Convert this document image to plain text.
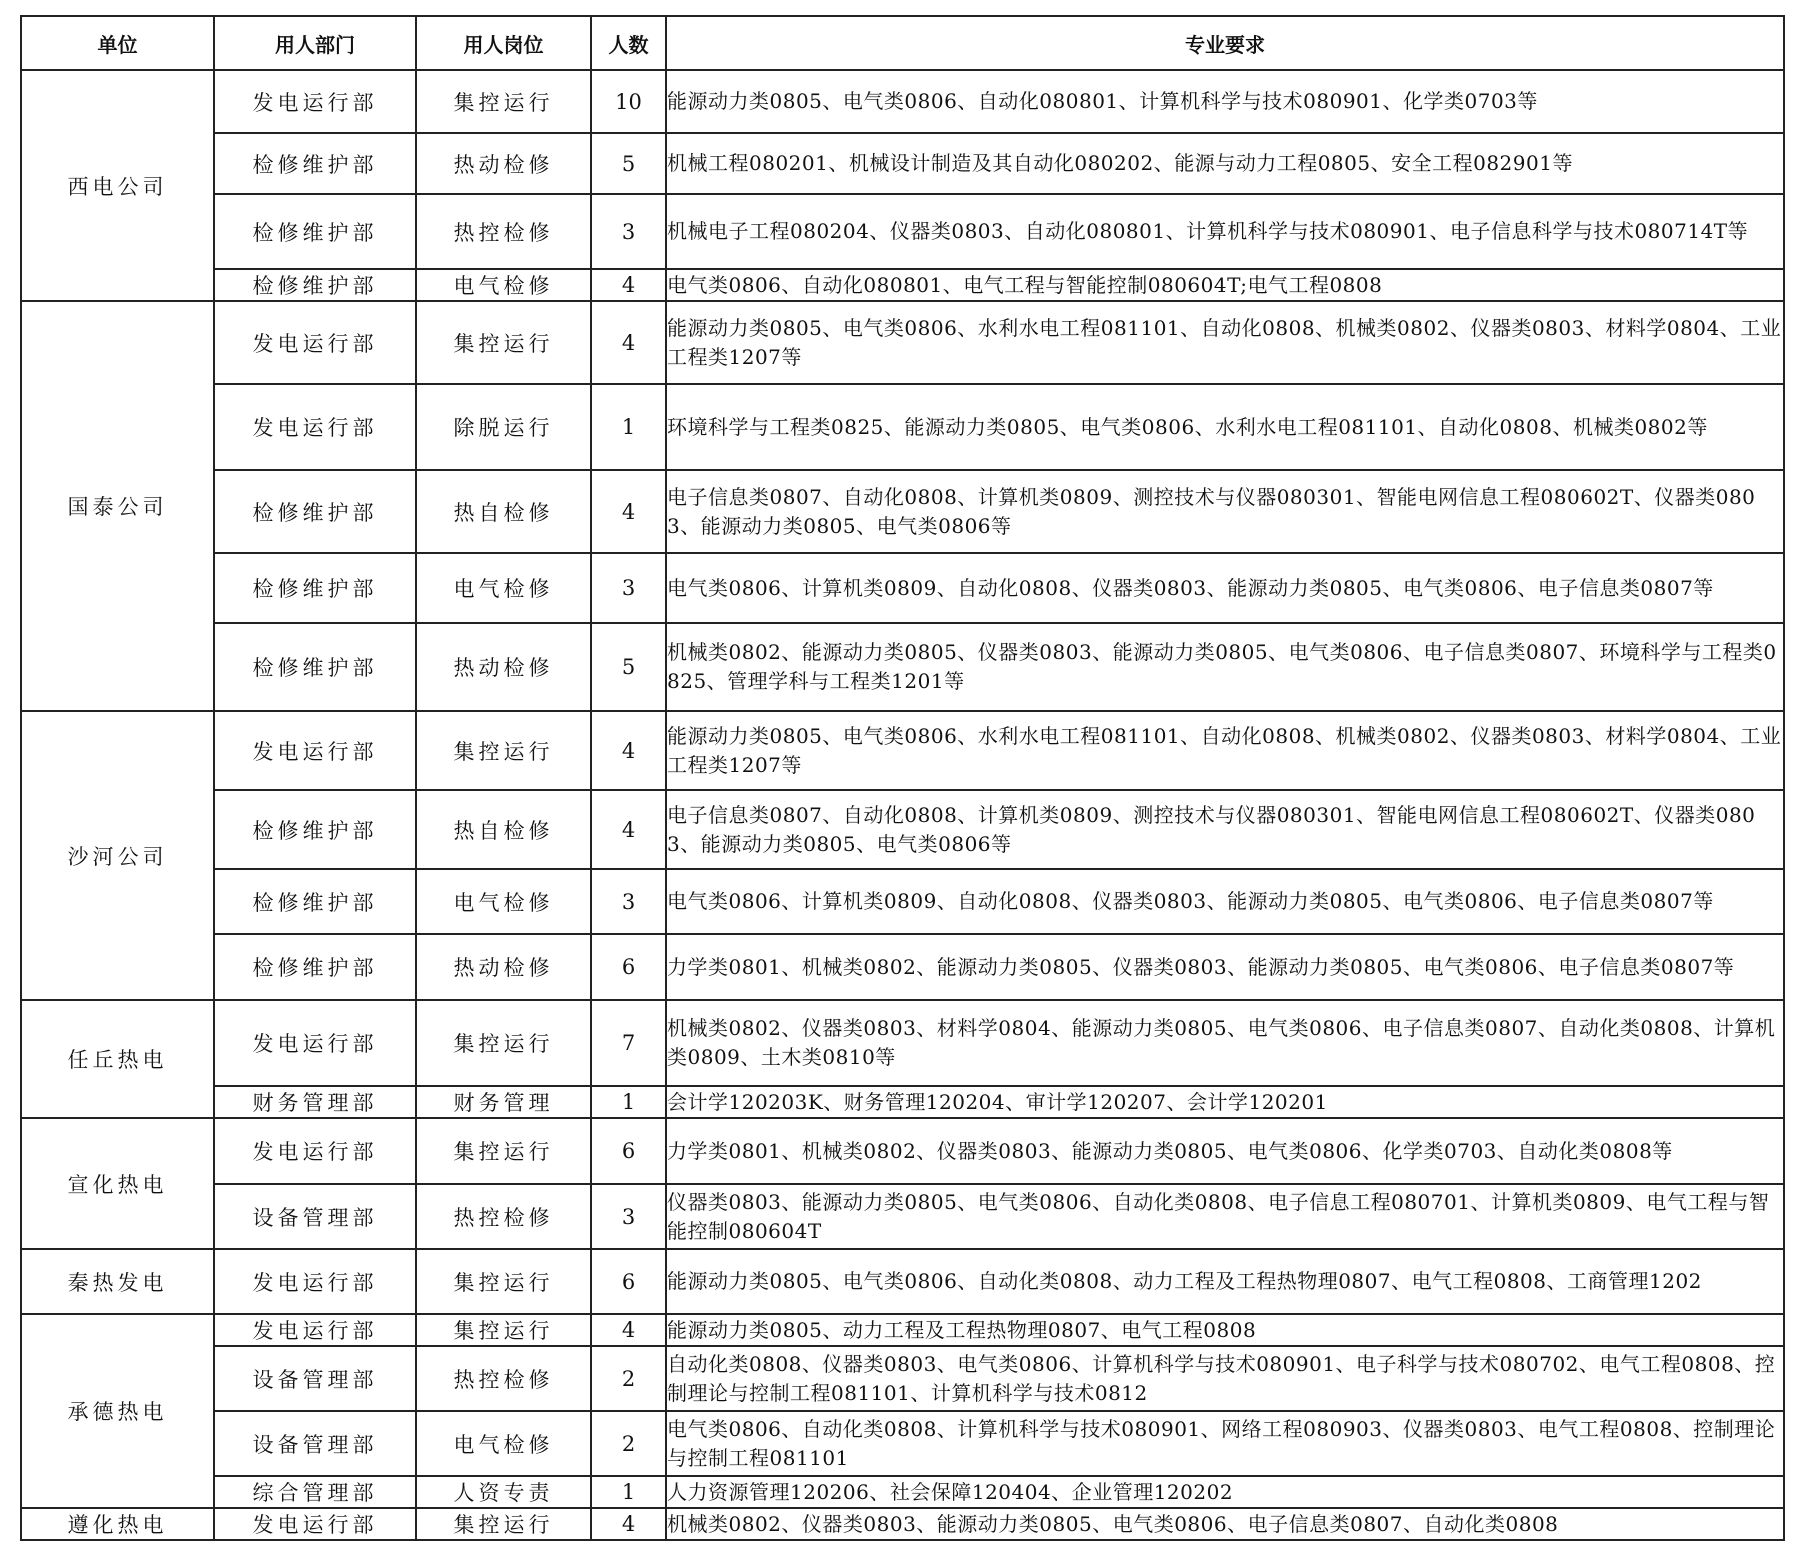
单位	用人部门	用人岗位	人数	专业要求
西电公司	发电运行部	集控运行	10	能源动力类0805、电气类0806、自动化080801、计算机科学与技术080901、化学类0703等
	检修维护部	热动检修	5	机械工程080201、机械设计制造及其自动化080202、能源与动力工程0805、安全工程082901等
	检修维护部	热控检修	3	机械电子工程080204、仪器类0803、自动化080801、计算机科学与技术080901、电子信息科学与技术080714T等
	检修维护部	电气检修	4	电气类0806、自动化080801、电气工程与智能控制080604T;电气工程0808
国泰公司	发电运行部	集控运行	4	能源动力类0805、电气类0806、水利水电工程081101、自动化0808、机械类0802、仪器类0803、材料学0804、工业工程类1207等
	发电运行部	除脱运行	1	环境科学与工程类0825、能源动力类0805、电气类0806、水利水电工程081101、自动化0808、机械类0802等
	检修维护部	热自检修	4	电子信息类0807、自动化0808、计算机类0809、测控技术与仪器080301、智能电网信息工程080602T、仪器类0803、能源动力类0805、电气类0806等
	检修维护部	电气检修	3	电气类0806、计算机类0809、自动化0808、仪器类0803、能源动力类0805、电气类0806、电子信息类0807等
	检修维护部	热动检修	5	机械类0802、能源动力类0805、仪器类0803、能源动力类0805、电气类0806、电子信息类0807、环境科学与工程类0825、管理学科与工程类1201等
沙河公司	发电运行部	集控运行	4	能源动力类0805、电气类0806、水利水电工程081101、自动化0808、机械类0802、仪器类0803、材料学0804、工业工程类1207等
	检修维护部	热自检修	4	电子信息类0807、自动化0808、计算机类0809、测控技术与仪器080301、智能电网信息工程080602T、仪器类0803、能源动力类0805、电气类0806等
	检修维护部	电气检修	3	电气类0806、计算机类0809、自动化0808、仪器类0803、能源动力类0805、电气类0806、电子信息类0807等
	检修维护部	热动检修	6	力学类0801、机械类0802、能源动力类0805、仪器类0803、能源动力类0805、电气类0806、电子信息类0807等
任丘热电	发电运行部	集控运行	7	机械类0802、仪器类0803、材料学0804、能源动力类0805、电气类0806、电子信息类0807、自动化类0808、计算机类0809、土木类0810等
	财务管理部	财务管理	1	会计学120203K、财务管理120204、审计学120207、会计学120201
宣化热电	发电运行部	集控运行	6	力学类0801、机械类0802、仪器类0803、能源动力类0805、电气类0806、化学类0703、自动化类0808等
	设备管理部	热控检修	3	仪器类0803、能源动力类0805、电气类0806、自动化类0808、电子信息工程080701、计算机类0809、电气工程与智能控制080604T
秦热发电	发电运行部	集控运行	6	能源动力类0805、电气类0806、自动化类0808、动力工程及工程热物理0807、电气工程0808、工商管理1202
承德热电	发电运行部	集控运行	4	能源动力类0805、动力工程及工程热物理0807、电气工程0808
	设备管理部	热控检修	2	自动化类0808、仪器类0803、电气类0806、计算机科学与技术080901、电子科学与技术080702、电气工程0808、控制理论与控制工程081101、计算机科学与技术0812
	设备管理部	电气检修	2	电气类0806、自动化类0808、计算机科学与技术080901、网络工程080903、仪器类0803、电气工程0808、控制理论与控制工程081101
	综合管理部	人资专责	1	人力资源管理120206、社会保障120404、企业管理120202
遵化热电	发电运行部	集控运行	4	机械类0802、仪器类0803、能源动力类0805、电气类0806、电子信息类0807、自动化类0808
